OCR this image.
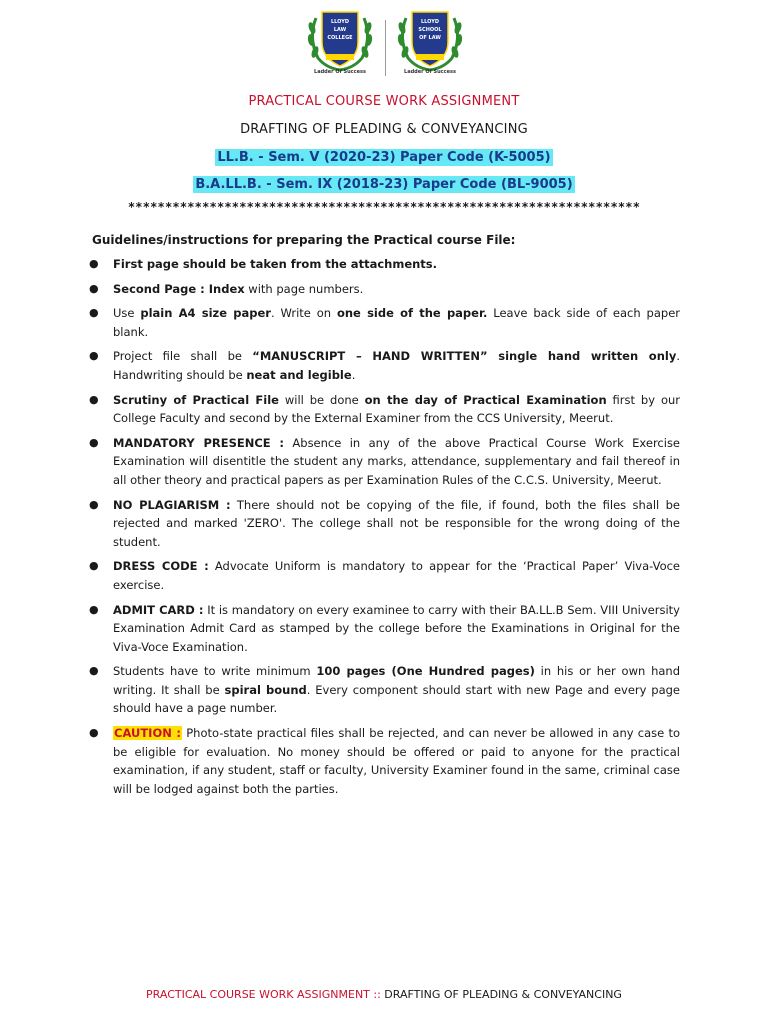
LLOYD
LAW
COLLEGE
Ladder Of Success
LLOYD
SCHOOL
OF LAW
Ladder Of Success
PRACTICAL COURSE WORK ASSIGNMENT
DRAFTING OF PLEADING & CONVEYANCING
LL.B. - Sem. V (2020-23) Paper Code (K-5005)
B.A.LL.B. - Sem. IX (2018-23) Paper Code (BL-9005)
*********************************************************************
Guidelines/instructions for preparing the Practical course File:
● First page should be taken from the attachments.
● Second Page : Index with page numbers.
● Use plain A4 size paper. Write on one side of the paper. Leave back side of each paper blank.
● Project file shall be “MANUSCRIPT – HAND WRITTEN” single hand written only. Handwriting should be neat and legible.
● Scrutiny of Practical File will be done on the day of Practical Examination first by our College Faculty and second by the External Examiner from the CCS University, Meerut.
● MANDATORY PRESENCE : Absence in any of the above Practical Course Work Exercise Examination will disentitle the student any marks, attendance, supplementary and fail thereof in all other theory and practical papers as per Examination Rules of the C.C.S. University, Meerut.
● NO PLAGIARISM : There should not be copying of the file, if found, both the files shall be rejected and marked 'ZERO'. The college shall not be responsible for the wrong doing of the student.
● DRESS CODE : Advocate Uniform is mandatory to appear for the ‘Practical Paper’ Viva-Voce exercise.
● ADMIT CARD : It is mandatory on every examinee to carry with their BA.LL.B Sem. VIII University Examination Admit Card as stamped by the college before the Examinations in Original for the Viva-Voce Examination.
● Students have to write minimum 100 pages (One Hundred pages) in his or her own hand writing. It shall be spiral bound. Every component should start with new Page and every page should have a page number.
● CAUTION : Photo-state practical files shall be rejected, and can never be allowed in any case to be eligible for evaluation. No money should be offered or paid to anyone for the practical examination, if any student, staff or faculty, University Examiner found in the same, criminal case will be lodged against both the parties.
PRACTICAL COURSE WORK ASSIGNMENT :: DRAFTING OF PLEADING & CONVEYANCING
